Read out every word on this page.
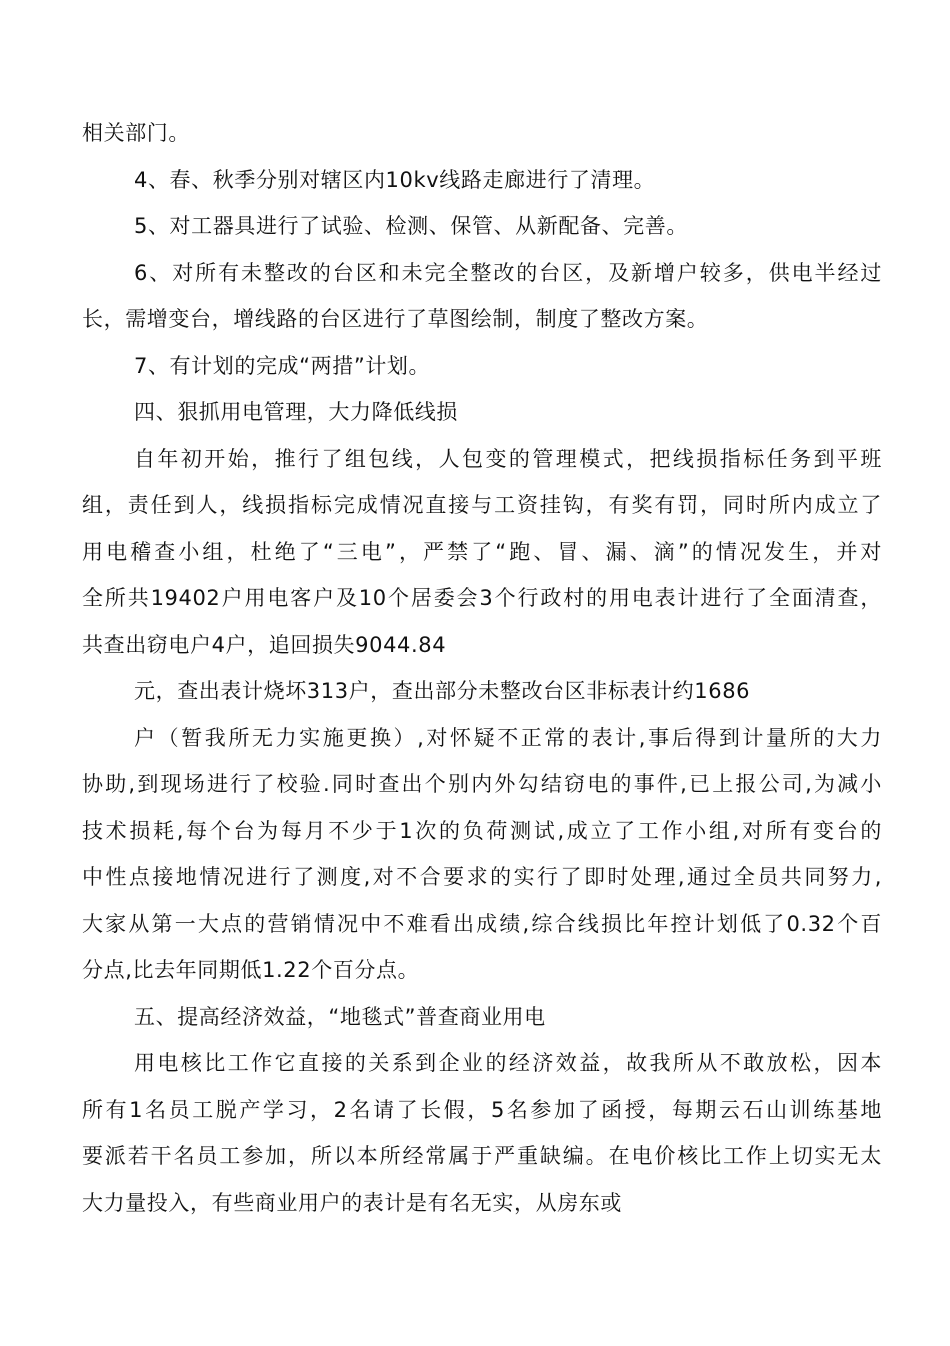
相关部门。
4、春、秋季分别对辖区内10kv线路走廊进行了清理。
5、对工器具进行了试验、检测、保管、从新配备、完善。
6、对所有未整改的台区和未完全整改的台区，及新增户较多，供电半经过
长，需增变台，增线路的台区进行了草图绘制，制度了整改方案。
7、有计划的完成“两措”计划。
四、狠抓用电管理，大力降低线损
自年初开始，推行了组包线，人包变的管理模式，把线损指标任务到平班
组，责任到人，线损指标完成情况直接与工资挂钩，有奖有罚，同时所内成立了
用电稽查小组，杜绝了“三电”，严禁了“跑、冒、漏、滴”的情况发生，并对
全所共19402户用电客户及10个居委会3个行政村的用电表计进行了全面清查，
共查出窃电户4户，追回损失9044.84
元，查出表计烧坏313户，查出部分未整改台区非标表计约1686
户（暂我所无力实施更换）,对怀疑不正常的表计,事后得到计量所的大力
协助,到现场进行了校验.同时查出个别内外勾结窃电的事件,已上报公司,为减小
技术损耗,每个台为每月不少于1次的负荷测试,成立了工作小组,对所有变台的
中性点接地情况进行了测度,对不合要求的实行了即时处理,通过全员共同努力,
大家从第一大点的营销情况中不难看出成绩,综合线损比年控计划低了0.32个百
分点,比去年同期低1.22个百分点。
五、提高经济效益，“地毯式”普查商业用电
用电核比工作它直接的关系到企业的经济效益，故我所从不敢放松，因本
所有1名员工脱产学习，2名请了长假，5名参加了函授，每期云石山训练基地
要派若干名员工参加，所以本所经常属于严重缺编。在电价核比工作上切实无太
大力量投入，有些商业用户的表计是有名无实，从房东或
